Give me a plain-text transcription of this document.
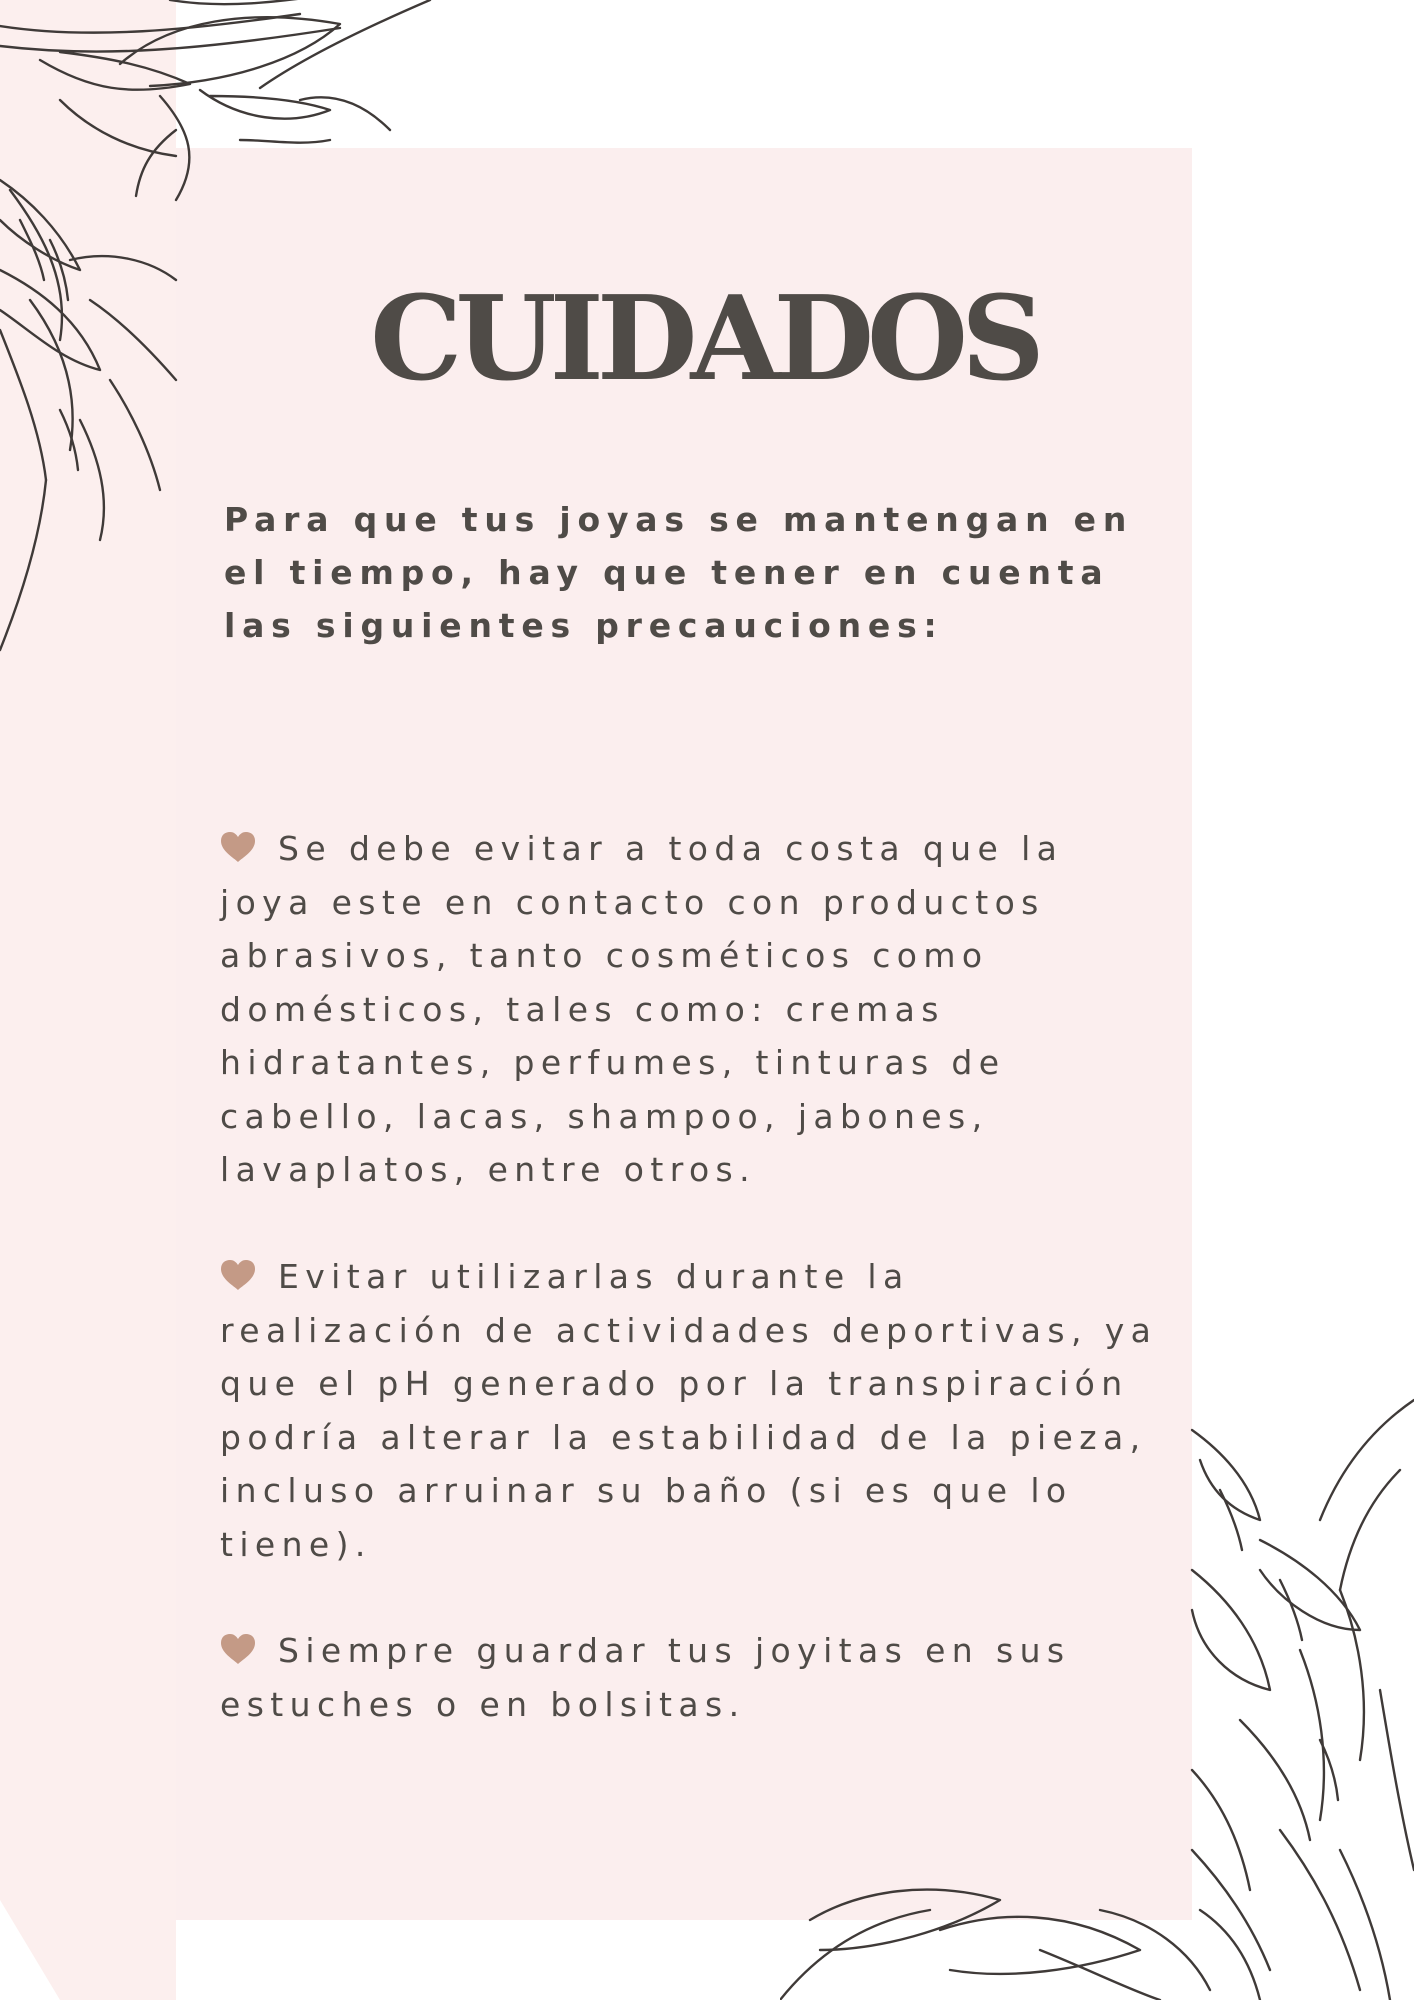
CUIDADOS

Para que tus joyas se mantengan en el tiempo, hay que tener en cuenta las siguientes precauciones:

Se debe evitar a toda costa que la joya este en contacto con productos abrasivos, tanto cosméticos como domésticos, tales como: cremas hidratantes, perfumes, tinturas de cabello, lacas, shampoo, jabones, lavaplatos, entre otros.

Evitar utilizarlas durante la realización de actividades deportivas, ya que el pH generado por la transpiración podría alterar la estabilidad de la pieza, incluso arruinar su baño (si es que lo tiene).

Siempre guardar tus joyitas en sus estuches o en bolsitas.
